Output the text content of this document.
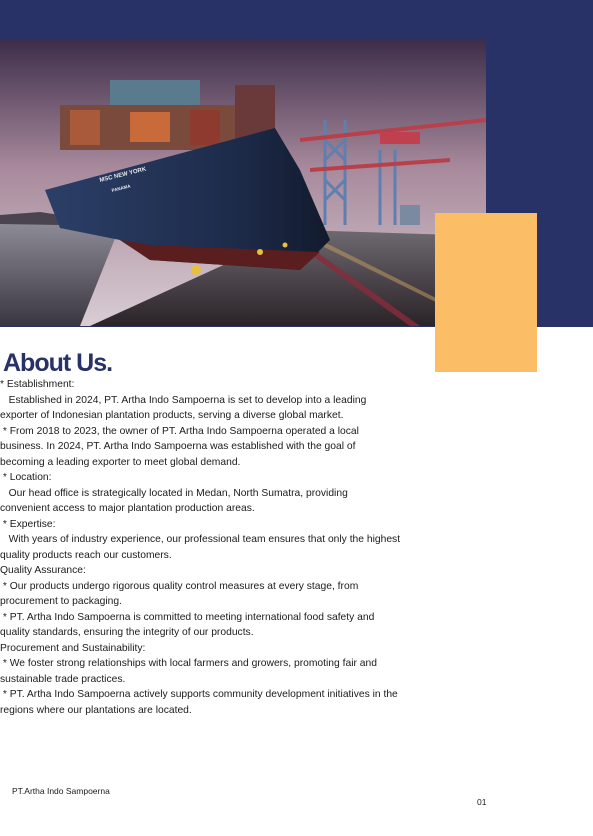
MSC NEW YORK
PANAMA
About Us.
* Establishment:
Established in 2024, PT. Artha Indo Sampoerna is set to develop into a leading
exporter of Indonesian plantation products, serving a diverse global market.
* From 2018 to 2023, the owner of PT. Artha Indo Sampoerna operated a local
business. In 2024, PT. Artha Indo Sampoerna was established with the goal of
becoming a leading exporter to meet global demand.
* Location:
Our head office is strategically located in Medan, North Sumatra, providing
convenient access to major plantation production areas.
* Expertise:
With years of industry experience, our professional team ensures that only the highest
quality products reach our customers.
Quality Assurance:
* Our products undergo rigorous quality control measures at every stage, from
procurement to packaging.
* PT. Artha Indo Sampoerna is committed to meeting international food safety and
quality standards, ensuring the integrity of our products.
Procurement and Sustainability:
* We foster strong relationships with local farmers and growers, promoting fair and
sustainable trade practices.
* PT. Artha Indo Sampoerna actively supports community development initiatives in the
regions where our plantations are located.
PT.Artha Indo Sampoerna
01
